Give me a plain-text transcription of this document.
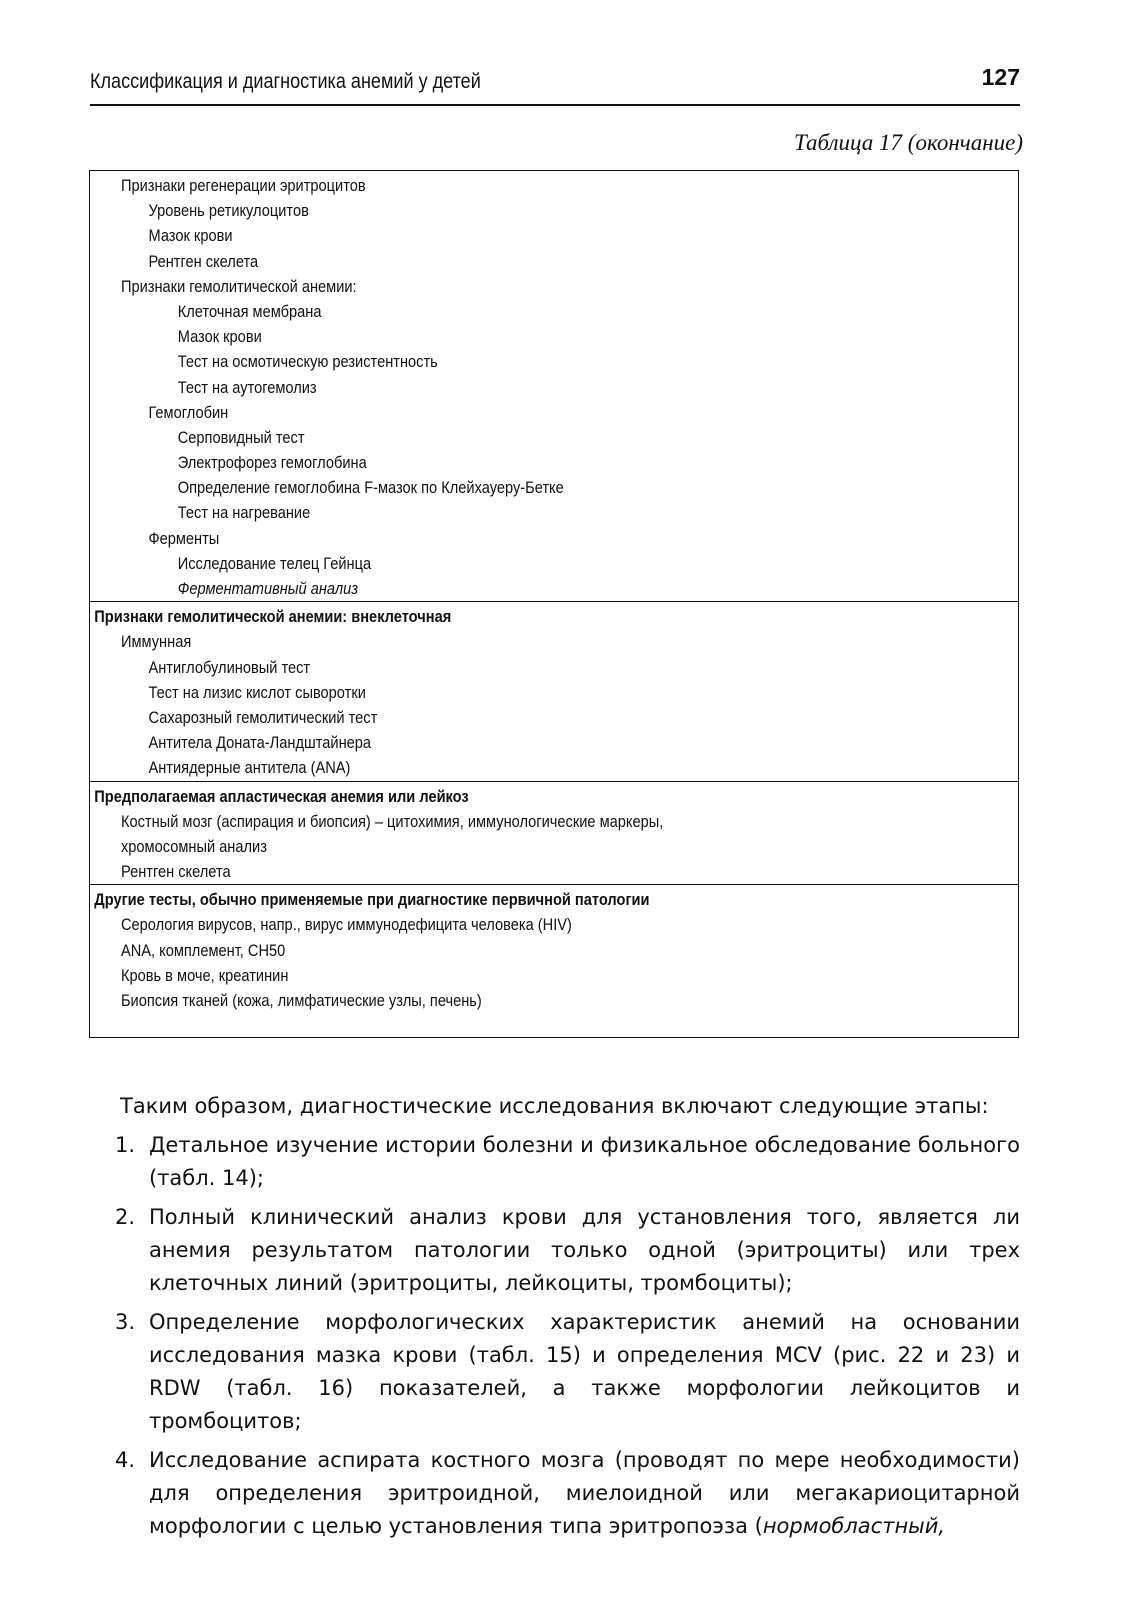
Классификация и диагностика анемий у детей	127
Таблица 17 (окончание)
Признаки регенерации эритроцитов
Уровень ретикулоцитов
Мазок крови
Рентген скелета
Признаки гемолитической анемии:
Клеточная мембрана
Мазок крови
Тест на осмотическую резистентность
Тест на аутогемолиз
Гемоглобин
Серповидный тест
Электрофорез гемоглобина
Определение гемоглобина F-мазок по Клейхауеру-Бетке
Тест на нагревание
Ферменты
Исследование телец Гейнца
Ферментативный анализ
Признаки гемолитической анемии: внеклеточная
Иммунная
Антиглобулиновый тест
Тест на лизис кислот сыворотки
Сахарозный гемолитический тест
Антитела Доната-Ландштайнера
Антиядерные антитела (ANA)
Предполагаемая апластическая анемия или лейкоз
Костный мозг (аспирация и биопсия) – цитохимия, иммунологические маркеры,
хромосомный анализ
Рентген скелета
Другие тесты, обычно применяемые при диагностике первичной патологии
Серология вирусов, напр., вирус иммунодефицита человека (HIV)
ANA, комплемент, CH50
Кровь в моче, креатинин
Биопсия тканей (кожа, лимфатические узлы, печень)

Таким образом, диагностические исследования включают следующие этапы:

1. Детальное изучение истории болезни и физикальное обследование больного (табл. 14);
2. Полный клинический анализ крови для установления того, является ли анемия результатом патологии только одной (эритроциты) или трех клеточных линий (эритроциты, лейкоциты, тромбоциты);
3. Определение морфологических характеристик анемий на основании исследования мазка крови (табл. 15) и определения MCV (рис. 22 и 23) и RDW (табл. 16) показателей, а также морфологии лейкоцитов и тромбоцитов;
4. Исследование аспирата костного мозга (проводят по мере необходимости) для определения эритроидной, миелоидной или мегакариоцитарной морфологии с целью установления типа эритропоэза (нормобластный,
